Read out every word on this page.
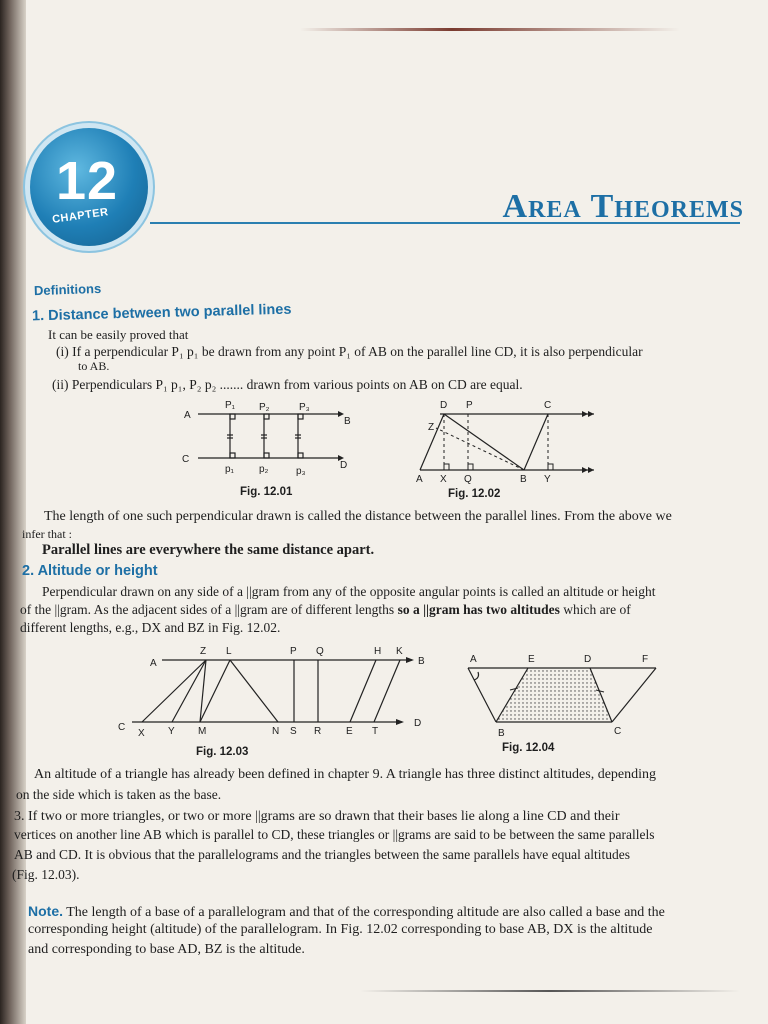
12
CHAPTER	Area Theorems
Definitions
1. Distance between two parallel lines
It can be easily proved that
(i) If a perpendicular P₁ p₁ be drawn from any point P₁ of AB on the parallel line CD, it is also perpendicular
to AB.
(ii) Perpendiculars P₁ p₁, P₂ p₂ ....... drawn from various points on AB on CD are equal.
A
B
C
D
P₁ P₂	P₃
p₁	p₂	p₃
Fig. 12.01
D P	C
Z
A X Q	B Y
Fig. 12.02
The length of one such perpendicular drawn is called the distance between the parallel lines. From the above we
infer that :
Parallel lines are everywhere the same distance apart.
2. Altitude or height
Perpendicular drawn on any side of a ||gram from any of the opposite angular points is called an altitude or height
of the ||gram. As the adjacent sides of a ||gram are of different lengths so a ||gram has two altitudes which are of
different lengths, e.g., DX and BZ in Fig. 12.02.
A
Z L	P Q	H K
B
C
X Y M	N S R E T
D
Fig. 12.03
A	E	D	F
B	C
Fig. 12.04
An altitude of a triangle has already been defined in chapter 9. A triangle has three distinct altitudes, depending
on the side which is taken as the base.
3. If two or more triangles, or two or more ||grams are so drawn that their bases lie along a line CD and their
vertices on another line AB which is parallel to CD, these triangles or ||grams are said to be between the same parallels
AB and CD. It is obvious that the parallelograms and the triangles between the same parallels have equal altitudes
(Fig. 12.03).
Note. The length of a base of a parallelogram and that of the corresponding altitude are also called a base and the
corresponding height (altitude) of the parallelogram. In Fig. 12.02 corresponding to base AB, DX is the altitude
and corresponding to base AD, BZ is the altitude.
